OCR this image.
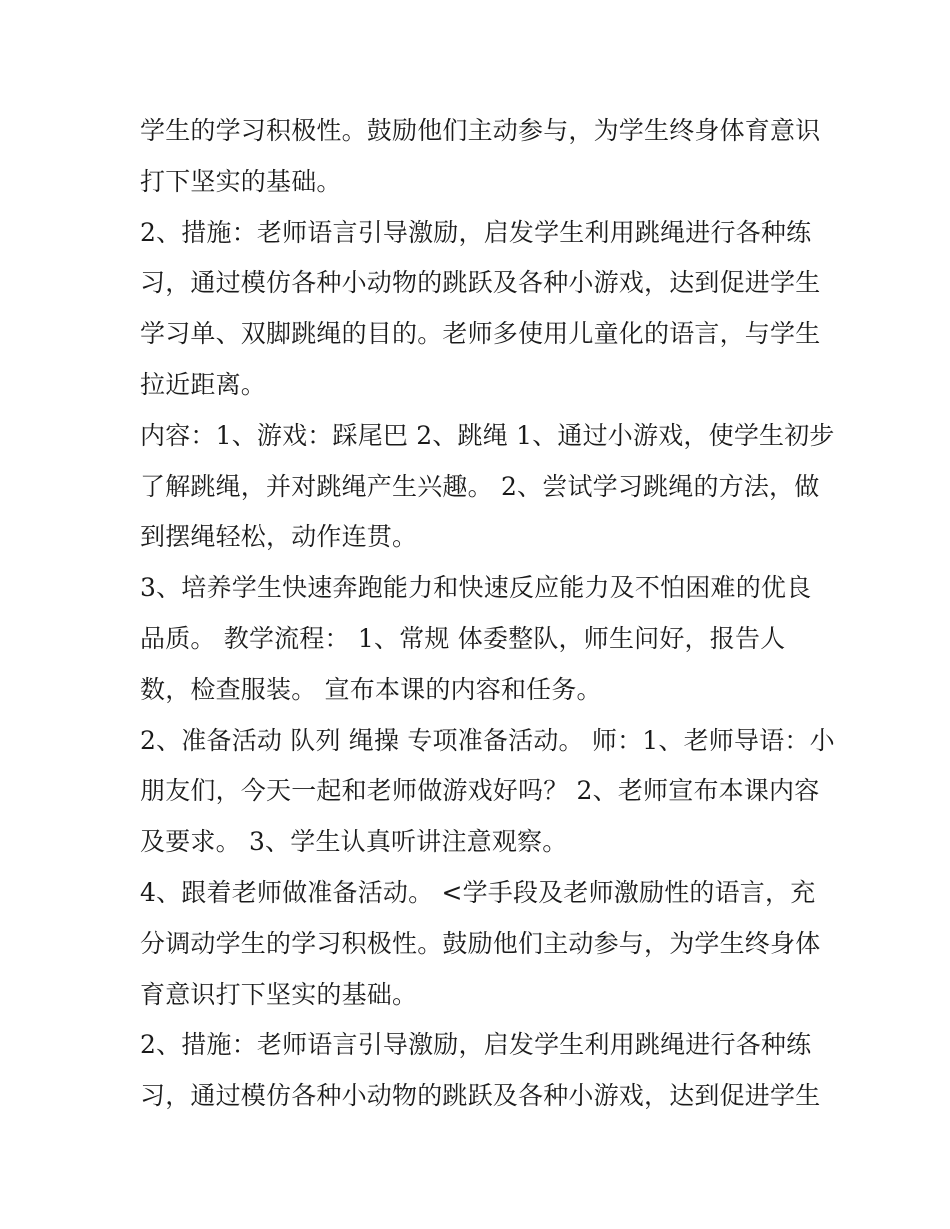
学生的学习积极性。鼓励他们主动参与，为学生终身体育意识
打下坚实的基础。

2、措施：老师语言引导激励，启发学生利用跳绳进行各种练
习，通过模仿各种小动物的跳跃及各种小游戏，达到促进学生
学习单、双脚跳绳的目的。老师多使用儿童化的语言，与学生
拉近距离。

内容：1、游戏：踩尾巴 2、跳绳 1、通过小游戏，使学生初步
了解跳绳，并对跳绳产生兴趣。 2、尝试学习跳绳的方法，做
到摆绳轻松，动作连贯。

3、培养学生快速奔跑能力和快速反应能力及不怕困难的优良
品质。 教学流程： 1、常规 体委整队，师生问好，报告人
数，检查服装。 宣布本课的内容和任务。

2、准备活动 队列 绳操 专项准备活动。 师：1、老师导语：小
朋友们，今天一起和老师做游戏好吗？ 2、老师宣布本课内容
及要求。 3、学生认真听讲注意观察。

4、跟着老师做准备活动。 <学手段及老师激励性的语言，充
分调动学生的学习积极性。鼓励他们主动参与，为学生终身体
育意识打下坚实的基础。

2、措施：老师语言引导激励，启发学生利用跳绳进行各种练
习，通过模仿各种小动物的跳跃及各种小游戏，达到促进学生
